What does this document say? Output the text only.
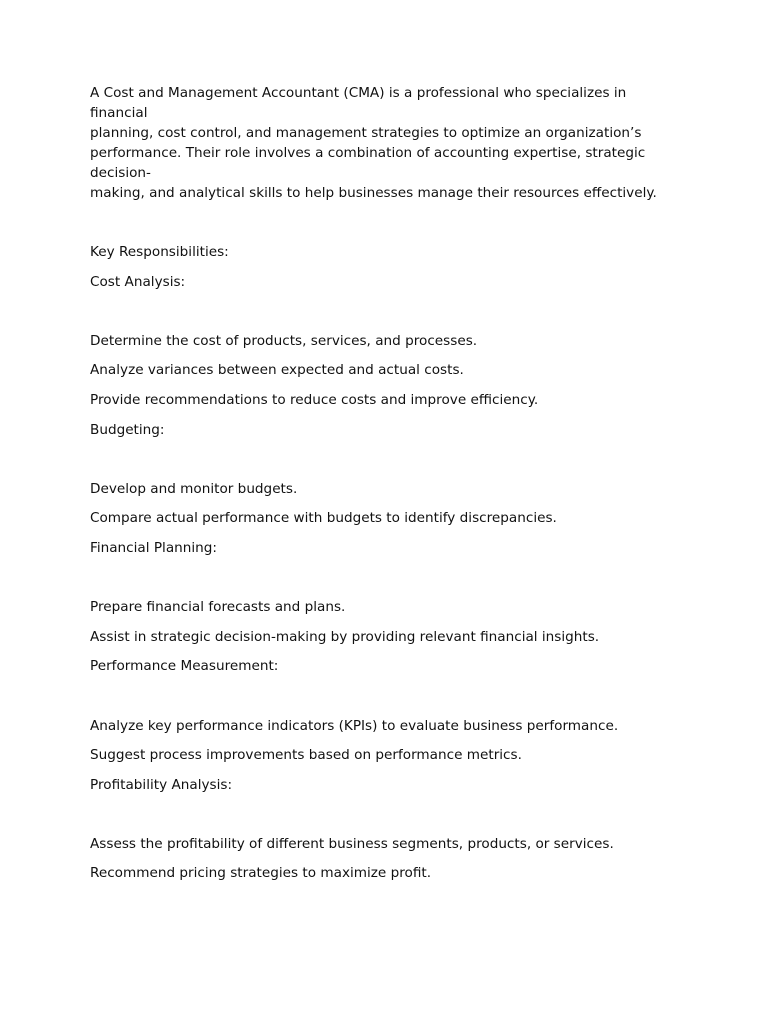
A Cost and Management Accountant (CMA) is a professional who specializes in financial
planning, cost control, and management strategies to optimize an organization’s
performance. Their role involves a combination of accounting expertise, strategic decision-
making, and analytical skills to help businesses manage their resources effectively.

Key Responsibilities:

Cost Analysis:

Determine the cost of products, services, and processes.

Analyze variances between expected and actual costs.

Provide recommendations to reduce costs and improve efficiency.

Budgeting:

Develop and monitor budgets.

Compare actual performance with budgets to identify discrepancies.

Financial Planning:

Prepare financial forecasts and plans.

Assist in strategic decision-making by providing relevant financial insights.

Performance Measurement:

Analyze key performance indicators (KPIs) to evaluate business performance.

Suggest process improvements based on performance metrics.

Profitability Analysis:

Assess the profitability of different business segments, products, or services.

Recommend pricing strategies to maximize profit.
